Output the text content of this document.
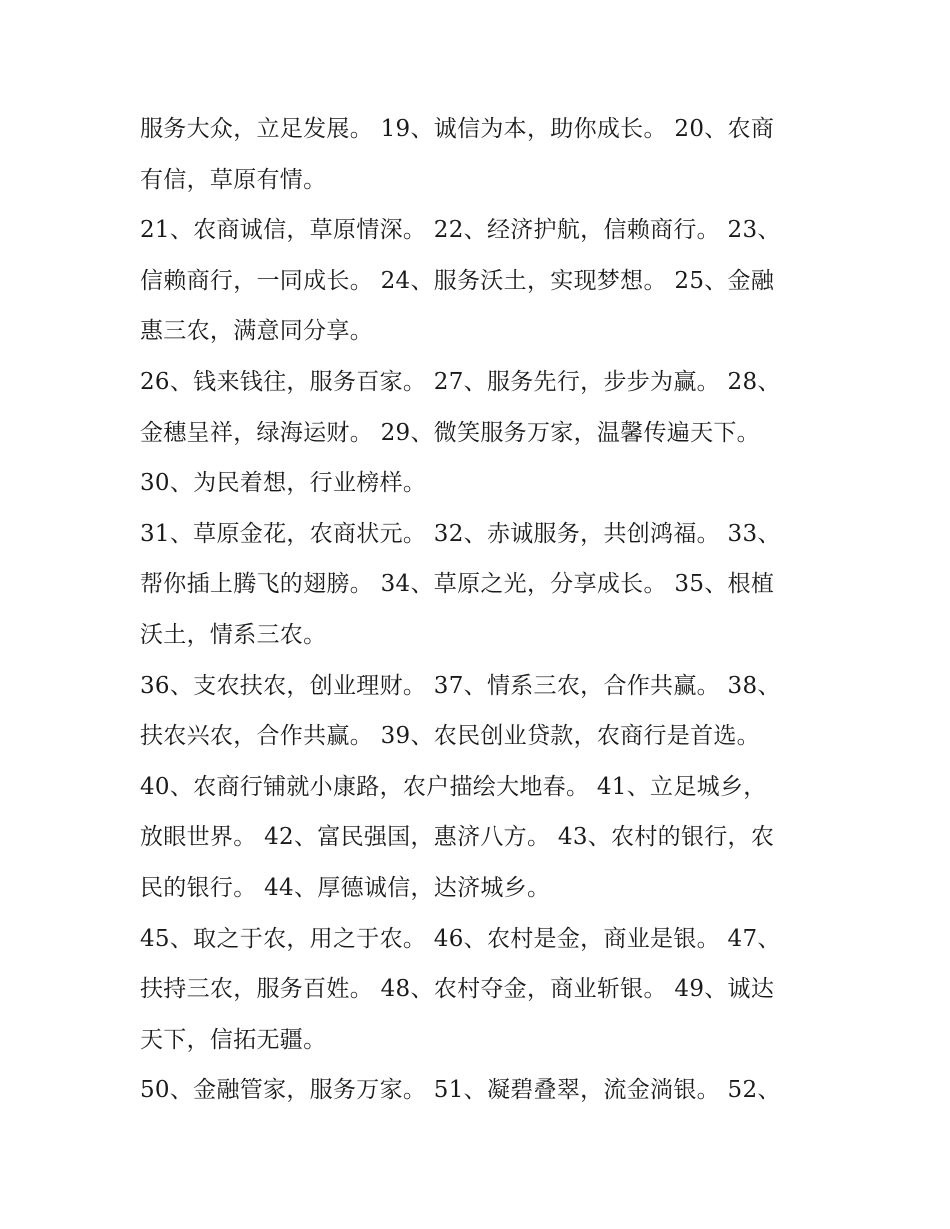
服务大众，立足发展。 19、诚信为本，助你成长。 20、农商
有信，草原有情。
21、农商诚信，草原情深。 22、经济护航，信赖商行。 23、
信赖商行，一同成长。 24、服务沃土，实现梦想。 25、金融
惠三农，满意同分享。
26、钱来钱往，服务百家。 27、服务先行，步步为赢。 28、
金穗呈祥，绿海运财。 29、微笑服务万家，温馨传遍天下。
30、为民着想，行业榜样。
31、草原金花，农商状元。 32、赤诚服务，共创鸿福。 33、
帮你插上腾飞的翅膀。 34、草原之光，分享成长。 35、根植
沃土，情系三农。
36、支农扶农，创业理财。 37、情系三农，合作共赢。 38、
扶农兴农，合作共赢。 39、农民创业贷款，农商行是首选。
40、农商行铺就小康路，农户描绘大地春。 41、立足城乡，
放眼世界。 42、富民强国，惠济八方。 43、农村的银行，农
民的银行。 44、厚德诚信，达济城乡。
45、取之于农，用之于农。 46、农村是金，商业是银。 47、
扶持三农，服务百姓。 48、农村夺金，商业斩银。 49、诚达
天下，信拓无疆。
50、金融管家，服务万家。 51、凝碧叠翠，流金淌银。 52、
